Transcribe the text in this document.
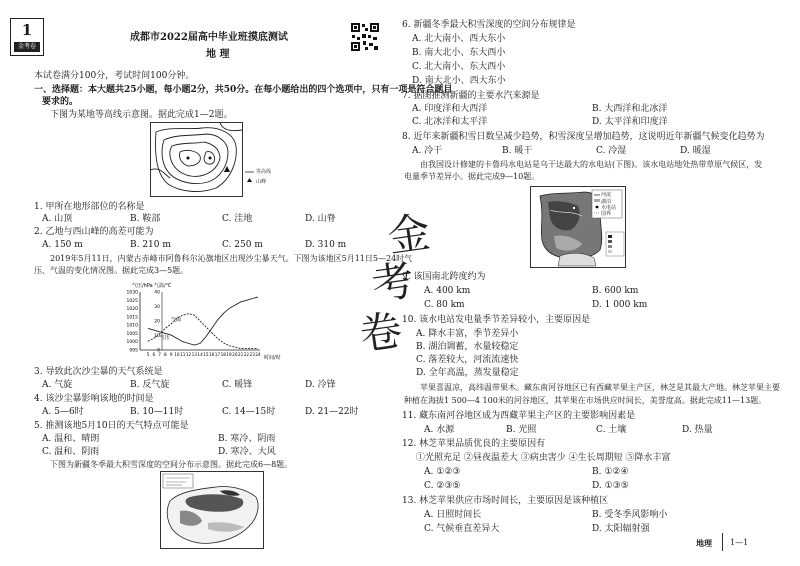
1
金考卷
成都市2022届高中毕业班摸底测试
地 理
本试卷满分100分，考试时间100分钟。
一、选择题：本大题共25小题，每小题2分，共50分。在每小题给出的四个选项中，只有一项是符合题目
要求的。
下图为某地等高线示意图。据此完成1—2题。
等高线
山峰
1. 甲所在地形部位的名称是
A. 山顶	B. 鞍部	C. 洼地	D. 山脊
2. 乙地与西山峰的高差可能为
A. 150 m	B. 210 m	C. 250 m	D. 310 m
2019年5月11日，内蒙古赤峰市阿鲁科尔沁旗地区出现沙尘暴天气。下图为该地区5月11日5—24时气
压、气温的变化情况图。据此完成3—5题。
气压/hPa 气温/℃
时间/时
1030
1025
1020
1015
1010
1005
1000
995
40
30
20
10
0
5 6 7 8 9 10 11 12 13 14 15 16 17 18 19 20 21 22 23 24
气温
气压
3. 导致此次沙尘暴的天气系统是
A. 气旋	B. 反气旋	C. 暖锋	D. 冷锋
4. 该沙尘暴影响该地的时间是
A. 5—6时	B. 10—11时	C. 14—15时	D. 21—22时
5. 推测该地5月10日的天气特点可能是
A. 温和、晴朗	B. 寒冷、阴雨
C. 温和、阴雨	D. 寒冷、大风
下图为新疆冬季最大积雪深度的空间分布示意图。据此完成6—8题。
6. 新疆冬季最大积雪深度的空间分布规律是
A. 北大南小、西大东小
B. 南大北小、东大西小
C. 北大南小、东大西小
D. 南大北小、西大东小
7. 据图推测新疆的主要水汽来源是
A. 印度洋和大西洋	B. 大西洋和北冰洋
C. 北冰洋和太平洋	D. 太平洋和印度洋
8. 近年来新疆积雪日数呈减少趋势，积雪深度呈增加趋势，这说明近年新疆气候变化趋势为
A. 冷干	B. 暖干	C. 冷湿	D. 暖湿
由我国设计修建的卡鲁玛水电站是乌干达最大的水电站(下图)。该水电站地处热带草原气候区，发
电量季节差异小。据此完成9—10题。
河流
湖泊
水电站
国界
金
考
卷
9. 该国南北跨度约为
A. 400 km	B. 600 km
C. 80 km	D. 1 000 km
10. 该水电站发电量季节差异较小，主要原因是
A. 降水丰富，季节差异小
B. 湖泊调蓄，水量较稳定
C. 落差较大，河流流速快
D. 全年高温，蒸发量稳定
苹果喜温凉，高纬温带果木。藏东南河谷地区已有西藏苹果主产区，林芝是其最大产地。林芝苹果主要
种植在海拔1 500—4 100米的河谷地区，其苹果在市场供应时间长，美誉度高。据此完成11—13题。
11. 藏东南河谷地区成为西藏苹果主产区的主要影响因素是
A. 水源	B. 光照	C. 土壤	D. 热量
12. 林芝苹果品质优良的主要原因有
①光照充足 ②昼夜温差大 ③病虫害少 ④生长周期短 ⑤降水丰富
A. ①②③	B. ①②④
C. ②③⑤	D. ①③⑤
13. 林芝苹果供应市场时间长，主要原因是该种植区
A. 日照时间长	B. 受冬季风影响小
C. 气候垂直差异大	D. 太阳辐射强
地理 1—1
